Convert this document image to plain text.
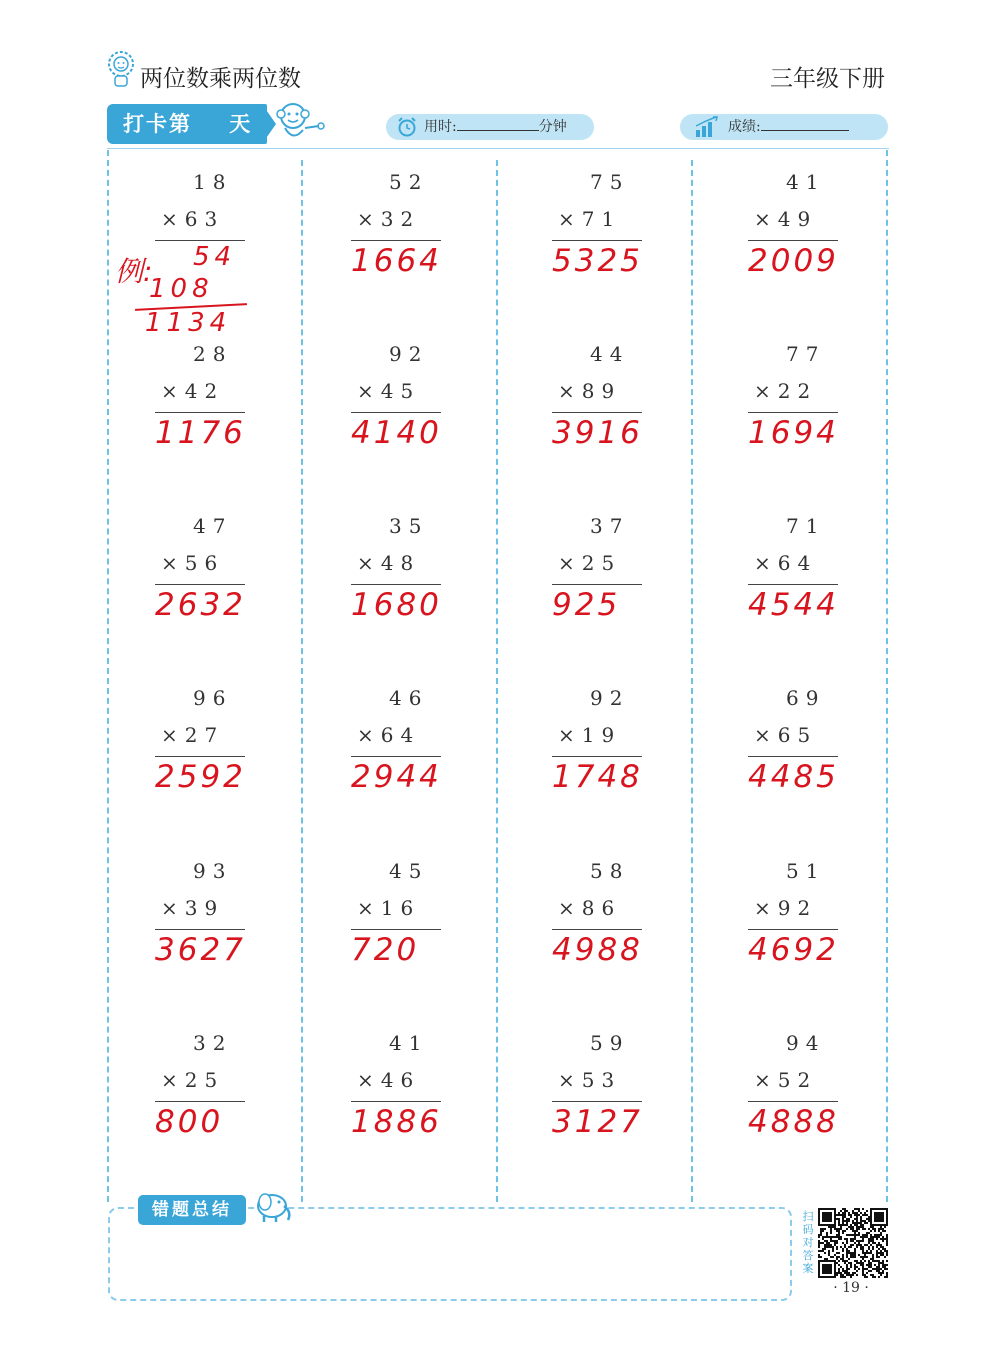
两位数乘两位数	三年级下册
打卡第    天	用时:	分钟	成绩:
18
×63
28
×42
1176
47
×56
2632
96
×27
2592
93
×39
3627
32
×25
800
52
×32
1664
92
×45
4140
35
×48
1680
46
×64
2944
45
×16
720
41
×46
1886
75
×71
5325
44
×89
3916
37
×25
925
92
×19
1748
58
×86
4988
59
×53
3127
41
×49
2009
77
×22
1694
71
×64
4544
69
×65
4485
51
×92
4692
94
×52
4888
例: 54
108
1134
错题总结	扫码对答案
· 19 ·
